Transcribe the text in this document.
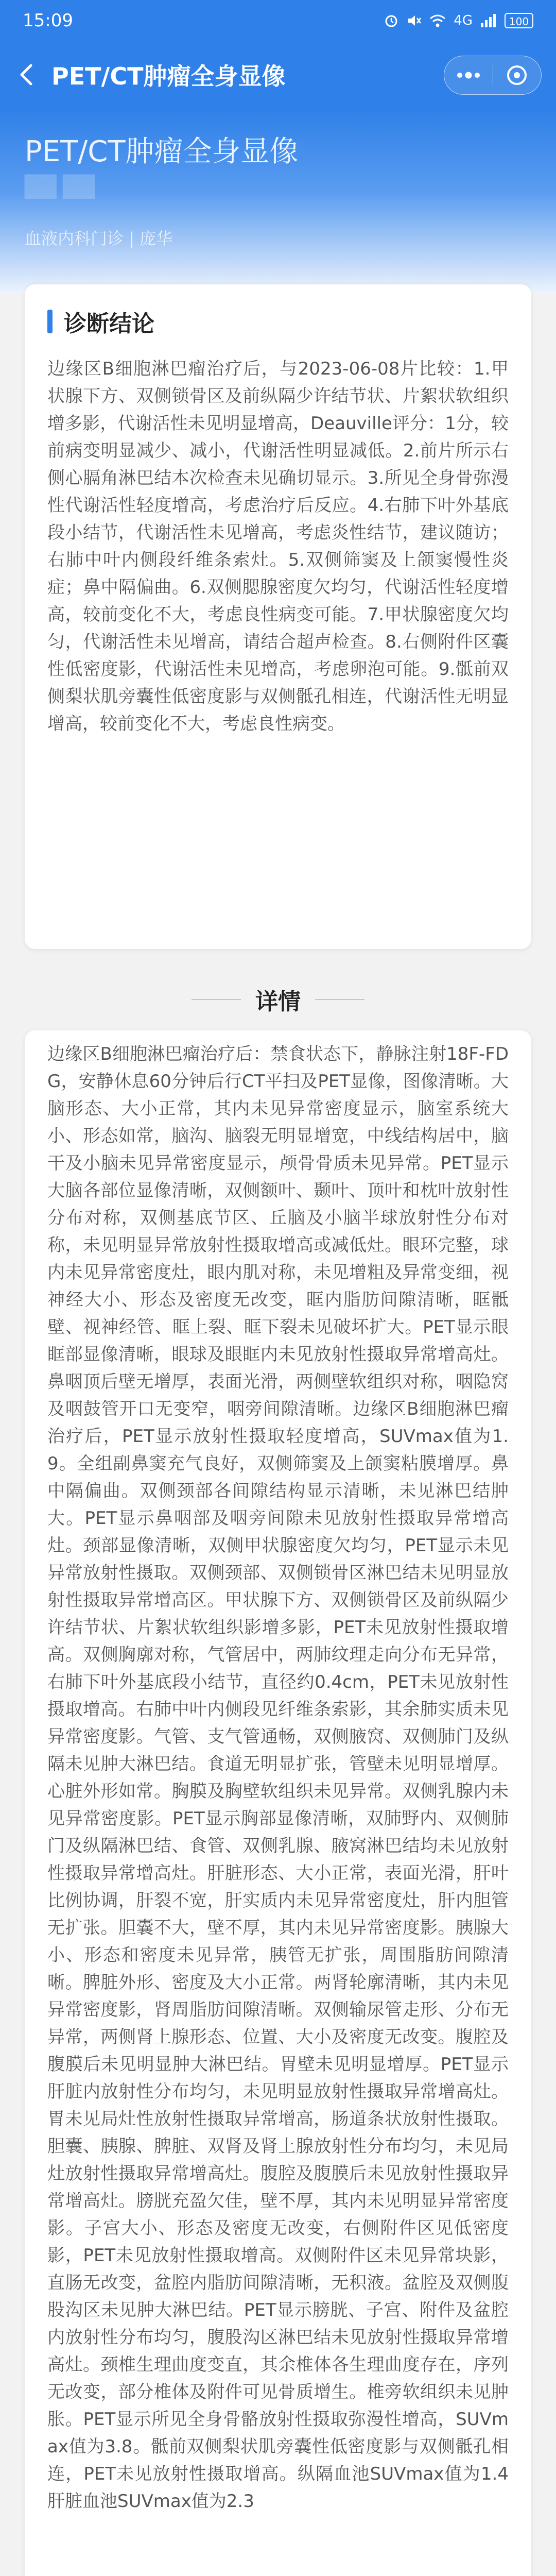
15:09	4G	100
PET/CT肿瘤全身显像
PET/CT肿瘤全身显像
██ ██
血液内科门诊 | 庞华
诊断结论

边缘区B细胞淋巴瘤治疗后，与2023-06-08片比较：1.甲状腺下方、双侧锁骨区及前纵隔少许结节状、片絮状软组织增多影，代谢活性未见明显增高，Deauville评分：1分，较前病变明显减少、减小，代谢活性明显减低。2.前片所示右侧心膈角淋巴结本次检查未见确切显示。3.所见全身骨弥漫性代谢活性轻度增高，考虑治疗后反应。4.右肺下叶外基底段小结节，代谢活性未见增高，考虑炎性结节，建议随访；右肺中叶内侧段纤维条索灶。5.双侧筛窦及上颌窦慢性炎症；鼻中隔偏曲。6.双侧腮腺密度欠均匀，代谢活性轻度增高，较前变化不大，考虑良性病变可能。7.甲状腺密度欠均匀，代谢活性未见增高，请结合超声检查。8.右侧附件区囊性低密度影，代谢活性未见增高，考虑卵泡可能。9.骶前双侧梨状肌旁囊性低密度影与双侧骶孔相连，代谢活性无明显增高，较前变化不大，考虑良性病变。

详情

边缘区B细胞淋巴瘤治疗后：禁食状态下，静脉注射18F-FDG，安静休息60分钟后行CT平扫及PET显像，图像清晰。大脑形态、大小正常，其内未见异常密度显示，脑室系统大小、形态如常，脑沟、脑裂无明显增宽，中线结构居中，脑干及小脑未见异常密度显示，颅骨骨质未见异常。PET显示大脑各部位显像清晰，双侧额叶、颞叶、顶叶和枕叶放射性分布对称，双侧基底节区、丘脑及小脑半球放射性分布对称，未见明显异常放射性摄取增高或减低灶。眼环完整，球内未见异常密度灶，眼内肌对称，未见增粗及异常变细，视神经大小、形态及密度无改变，眶内脂肪间隙清晰，眶骶壁、视神经管、眶上裂、眶下裂未见破坏扩大。PET显示眼眶部显像清晰，眼球及眼眶内未见放射性摄取异常增高灶。鼻咽顶后壁无增厚，表面光滑，两侧壁软组织对称，咽隐窝及咽鼓管开口无变窄，咽旁间隙清晰。边缘区B细胞淋巴瘤治疗后，PET显示放射性摄取轻度增高，SUVmax值为1.9。全组副鼻窦充气良好，双侧筛窦及上颌窦粘膜增厚。鼻中隔偏曲。双侧颈部各间隙结构显示清晰，未见淋巴结肿大。PET显示鼻咽部及咽旁间隙未见放射性摄取异常增高灶。颈部显像清晰，双侧甲状腺密度欠均匀，PET显示未见异常放射性摄取。双侧颈部、双侧锁骨区淋巴结未见明显放射性摄取异常增高区。甲状腺下方、双侧锁骨区及前纵隔少许结节状、片絮状软组织影增多影，PET未见放射性摄取增高。双侧胸廓对称，气管居中，两肺纹理走向分布无异常，右肺下叶外基底段小结节，直径约0.4cm，PET未见放射性摄取增高。右肺中叶内侧段见纤维条索影，其余肺实质未见异常密度影。气管、支气管通畅，双侧腋窝、双侧肺门及纵隔未见肿大淋巴结。食道无明显扩张，管壁未见明显增厚。心脏外形如常。胸膜及胸壁软组织未见异常。双侧乳腺内未见异常密度影。PET显示胸部显像清晰，双肺野内、双侧肺门及纵隔淋巴结、食管、双侧乳腺、腋窝淋巴结均未见放射性摄取异常增高灶。肝脏形态、大小正常，表面光滑，肝叶比例协调，肝裂不宽，肝实质内未见异常密度灶，肝内胆管无扩张。胆囊不大，壁不厚，其内未见异常密度影。胰腺大小、形态和密度未见异常，胰管无扩张，周围脂肪间隙清晰。脾脏外形、密度及大小正常。两肾轮廓清晰，其内未见异常密度影，肾周脂肪间隙清晰。双侧输尿管走形、分布无异常，两侧肾上腺形态、位置、大小及密度无改变。腹腔及腹膜后未见明显肿大淋巴结。胃壁未见明显增厚。PET显示肝脏内放射性分布均匀，未见明显放射性摄取异常增高灶。胃未见局灶性放射性摄取异常增高，肠道条状放射性摄取。胆囊、胰腺、脾脏、双肾及肾上腺放射性分布均匀，未见局灶放射性摄取异常增高灶。腹腔及腹膜后未见放射性摄取异常增高灶。膀胱充盈欠佳，壁不厚，其内未见明显异常密度影。子宫大小、形态及密度无改变，右侧附件区见低密度影，PET未见放射性摄取增高。双侧附件区未见异常块影，直肠无改变，盆腔内脂肪间隙清晰，无积液。盆腔及双侧腹股沟区未见肿大淋巴结。PET显示膀胱、子宫、附件及盆腔内放射性分布均匀，腹股沟区淋巴结未见放射性摄取异常增高灶。颈椎生理曲度变直，其余椎体各生理曲度存在，序列无改变，部分椎体及附件可见骨质增生。椎旁软组织未见肿胀。PET显示所见全身骨骼放射性摄取弥漫性增高，SUVmax值为3.8。骶前双侧梨状肌旁囊性低密度影与双侧骶孔相连，PET未见放射性摄取增高。纵隔血池SUVmax值为1.4 肝脏血池SUVmax值为2.3
